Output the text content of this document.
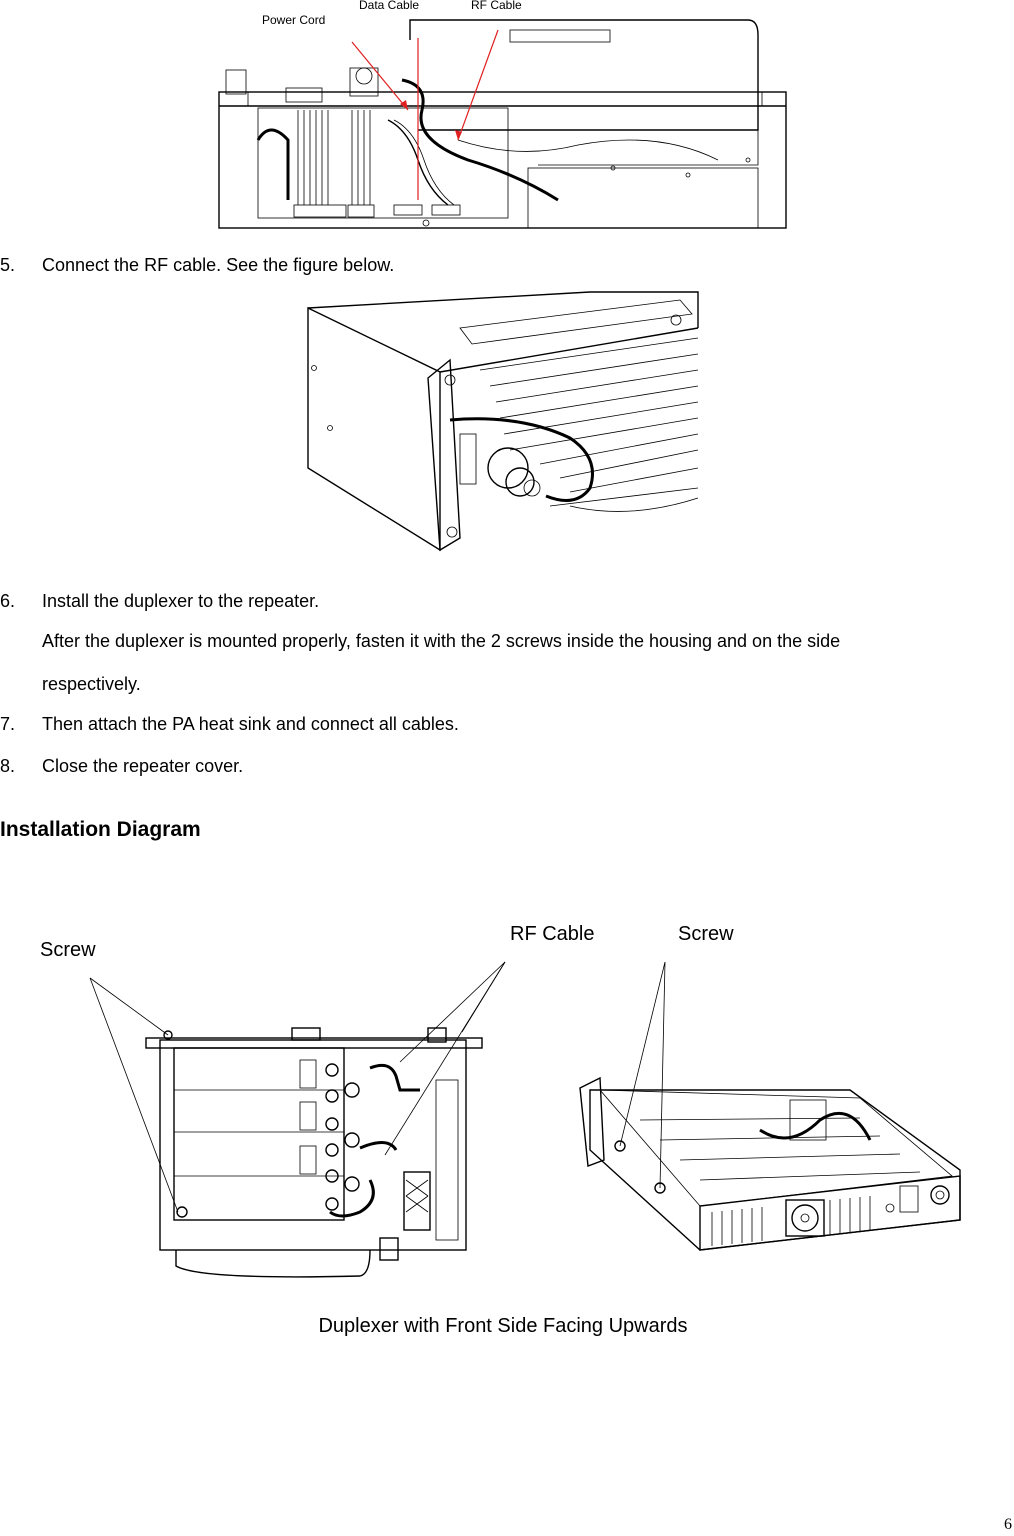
Power Cord
Data Cable	RF Cable
5. Connect the RF cable. See the figure below.
6. Install the duplexer to the repeater.
After the duplexer is mounted properly, fasten it with the 2 screws inside the housing and on the side
respectively.
7. Then attach the PA heat sink and connect all cables.
8. Close the repeater cover.
Installation Diagram
Screw
RF Cable	Screw
Duplexer with Front Side Facing Upwards
6
